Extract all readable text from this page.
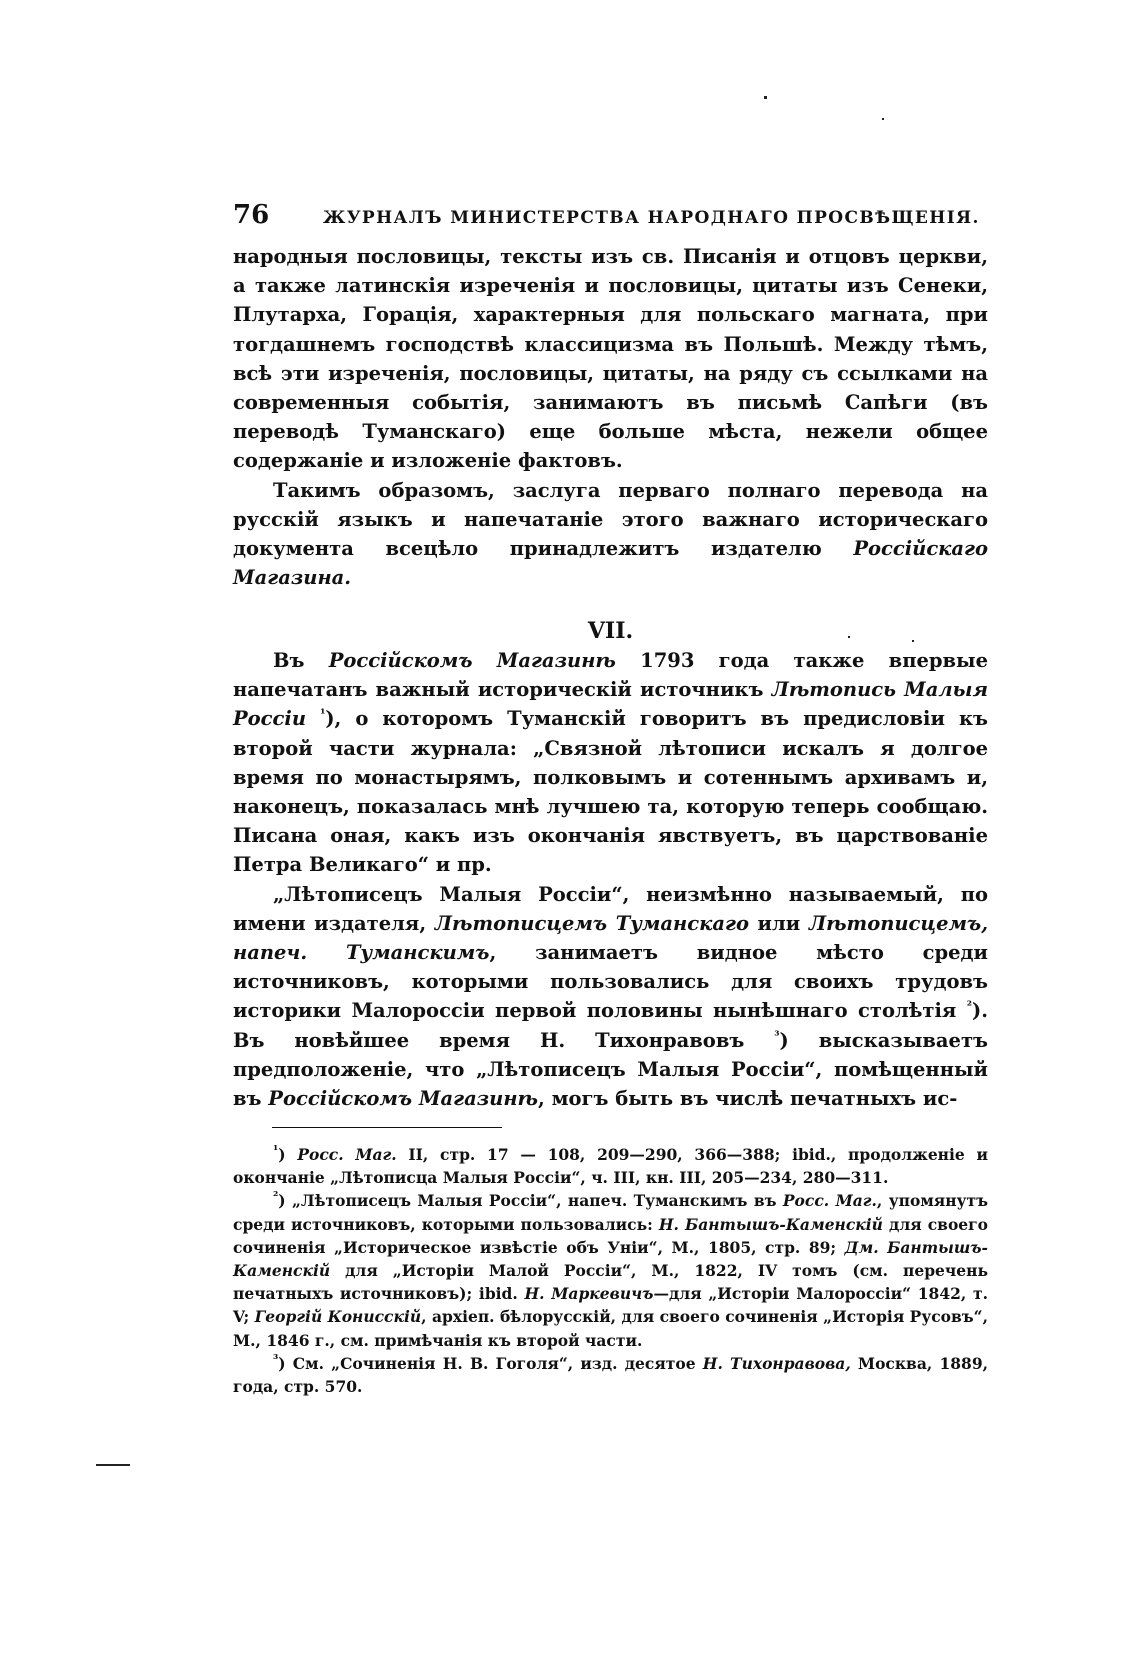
76	ЖУРНАЛЪ МИНИСТЕРСТВА НАРОДНАГО ПРОСВѢЩЕНІЯ.

народныя пословицы, тексты изъ св. Писанія и отцовъ церкви, а также латинскія изреченія и пословицы, цитаты изъ Сенеки, Плутарха, Горація, характерныя для польскаго магната, при тогдашнемъ господствѣ классицизма въ Польшѣ. Между тѣмъ, всѣ эти изреченія, пословицы, цитаты, на ряду съ ссылками на современныя событія, занимаютъ въ письмѣ Сапѣги (въ переводѣ Туманскаго) еще больше мѣста, нежели общее содержаніе и изложеніе фактовъ.

Такимъ образомъ, заслуга перваго полнаго перевода на русскій языкъ и напечатаніе этого важнаго историческаго документа всецѣло принадлежитъ издателю Россійскаго Магазина.

VII.

Въ Россійскомъ Магазинѣ 1793 года также впервые напечатанъ важный историческій источникъ Лѣтопись Малыя Россіи $^{^1}$), о которомъ Туманскій говоритъ въ предисловіи къ второй части журнала: „Связной лѣтописи искалъ я долгое время по монастырямъ, полковымъ и сотеннымъ архивамъ и, наконецъ, показалась мнѣ лучшею та, которую теперь сообщаю. Писана оная, какъ изъ окончанія явствуетъ, въ царствованіе Петра Великаго“ и пр.

„Лѣтописецъ Малыя Россіи“, неизмѣнно называемый, по имени издателя, Лѣтописцемъ Туманскаго или Лѣтописцемъ, напеч. Туманскимъ, занимаетъ видное мѣсто среди источниковъ, которыми пользовались для своихъ трудовъ историки Малороссіи первой половины нынѣшнаго столѣтія $^{^2}$). Въ новѣйшее время Н. Тихонравовъ $^{^3}$) высказываетъ предположеніе, что „Лѣтописецъ Малыя Россіи“, помѣщенный въ Россійскомъ Магазинѣ, могъ быть въ числѣ печатныхъ ис-

$^{^1}$) Росс. Маг. II, стр. 17 — 108, 209—290, 366—388; ibid., продолженіе и окончаніе „Лѣтописца Малыя Россіи“, ч. III, кн. III, 205—234, 280—311.

$^{^2}$) „Лѣтописецъ Малыя Россіи“, напеч. Туманскимъ въ Росс. Маг., упомянутъ среди источниковъ, которыми пользовались: Н. Бантышъ-Каменскій для своего сочиненія „Историческое извѣстіе объ Уніи“, М., 1805, стр. 89; Дм. Бантышъ-Каменскій для „Исторіи Малой Россіи“, М., 1822, IV томъ (см. перечень печатныхъ источниковъ); ibid. Н. Маркевичъ—для „Исторіи Малороссіи“ 1842, т. V; Георгій Конисскій, архіеп. бѣлорусскій, для своего сочиненія „Исторія Русовъ“, М., 1846 г., см. примѣчанія къ второй части.

$^{^3}$) См. „Сочиненія Н. В. Гоголя“, изд. десятое Н. Тихонравова, Москва, 1889, года, стр. 570.
